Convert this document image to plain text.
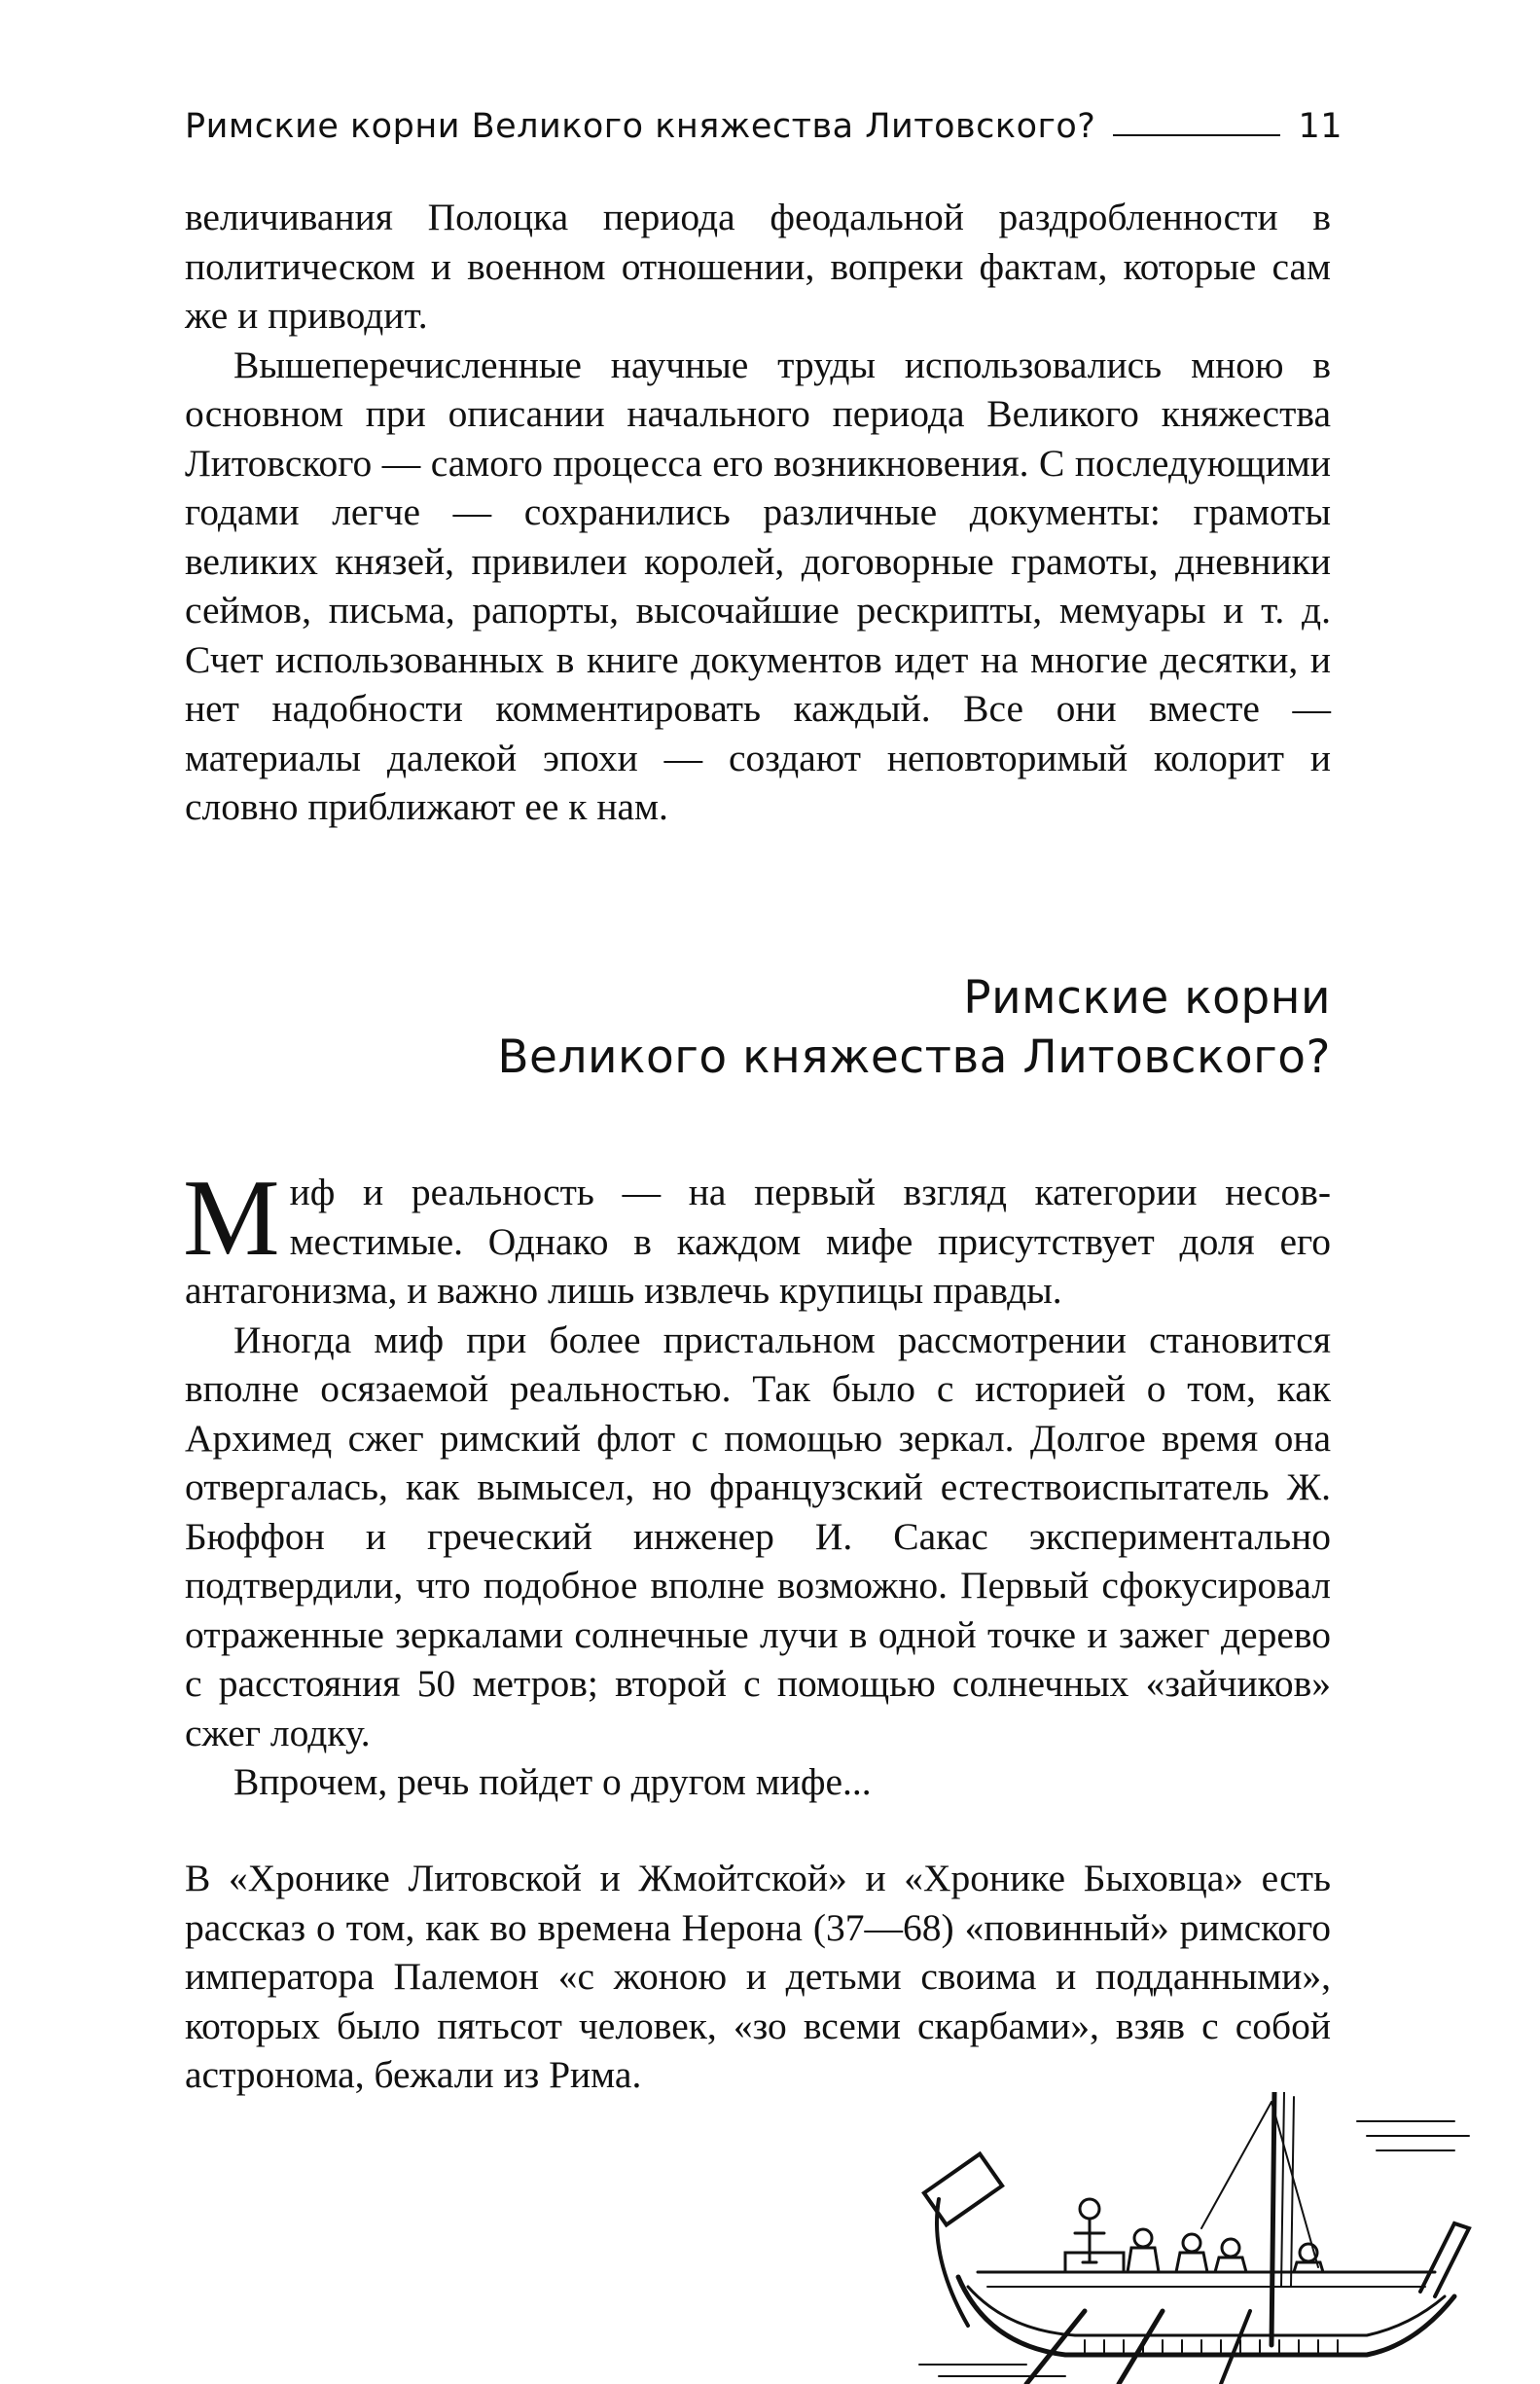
Римские корни Великого княжества Литовского?	11

величивания Полоцка периода феодальной раздробленности в политическом и военном отношении, вопреки фактам, которые сам же и приводит.

Вышеперечисленные научные труды использовались мною в основном при описании начального периода Великого княжества Литовского — самого процесса его возникновения. С последующими годами легче — сохранились различные документы: грамоты великих князей, привилеи королей, договорные грамоты, дневники сеймов, письма, рапорты, высочайшие рескрипты, мемуары и т. д. Счет использованных в книге документов идет на многие десятки, и нет надобности комментировать каждый. Все они вместе — материалы далекой эпохи — создают неповторимый колорит и словно приближают ее к нам.

Римские корни
Великого княжества Литовского?

Миф и реальность — на первый взгляд категории несовместимые. Однако в каждом мифе присутствует доля его антагонизма, и важно лишь извлечь крупицы правды.

Иногда миф при более пристальном рассмотрении становится вполне осязаемой реальностью. Так было с историей о том, как Архимед сжег римский флот с помощью зеркал. Долгое время она отвергалась, как вымысел, но французский естествоиспытатель Ж. Бюффон и греческий инженер И. Сакас экспериментально подтвердили, что подобное вполне возможно. Первый сфокусировал отраженные зеркалами солнечные лучи в одной точке и зажег дерево с расстояния 50 метров; второй с помощью солнечных «зайчиков» сжег лодку.

Впрочем, речь пойдет о другом мифе...

В «Хронике Литовской и Жмойтской» и «Хронике Быховца» есть рассказ о том, как во времена Нерона (37—68) «повинный» римского императора Палемон «с жоною и детьми своима и подданными», которых было пятьсот человек, «зо всеми скарбами», взяв с собой астронома, бежали из Рима.
